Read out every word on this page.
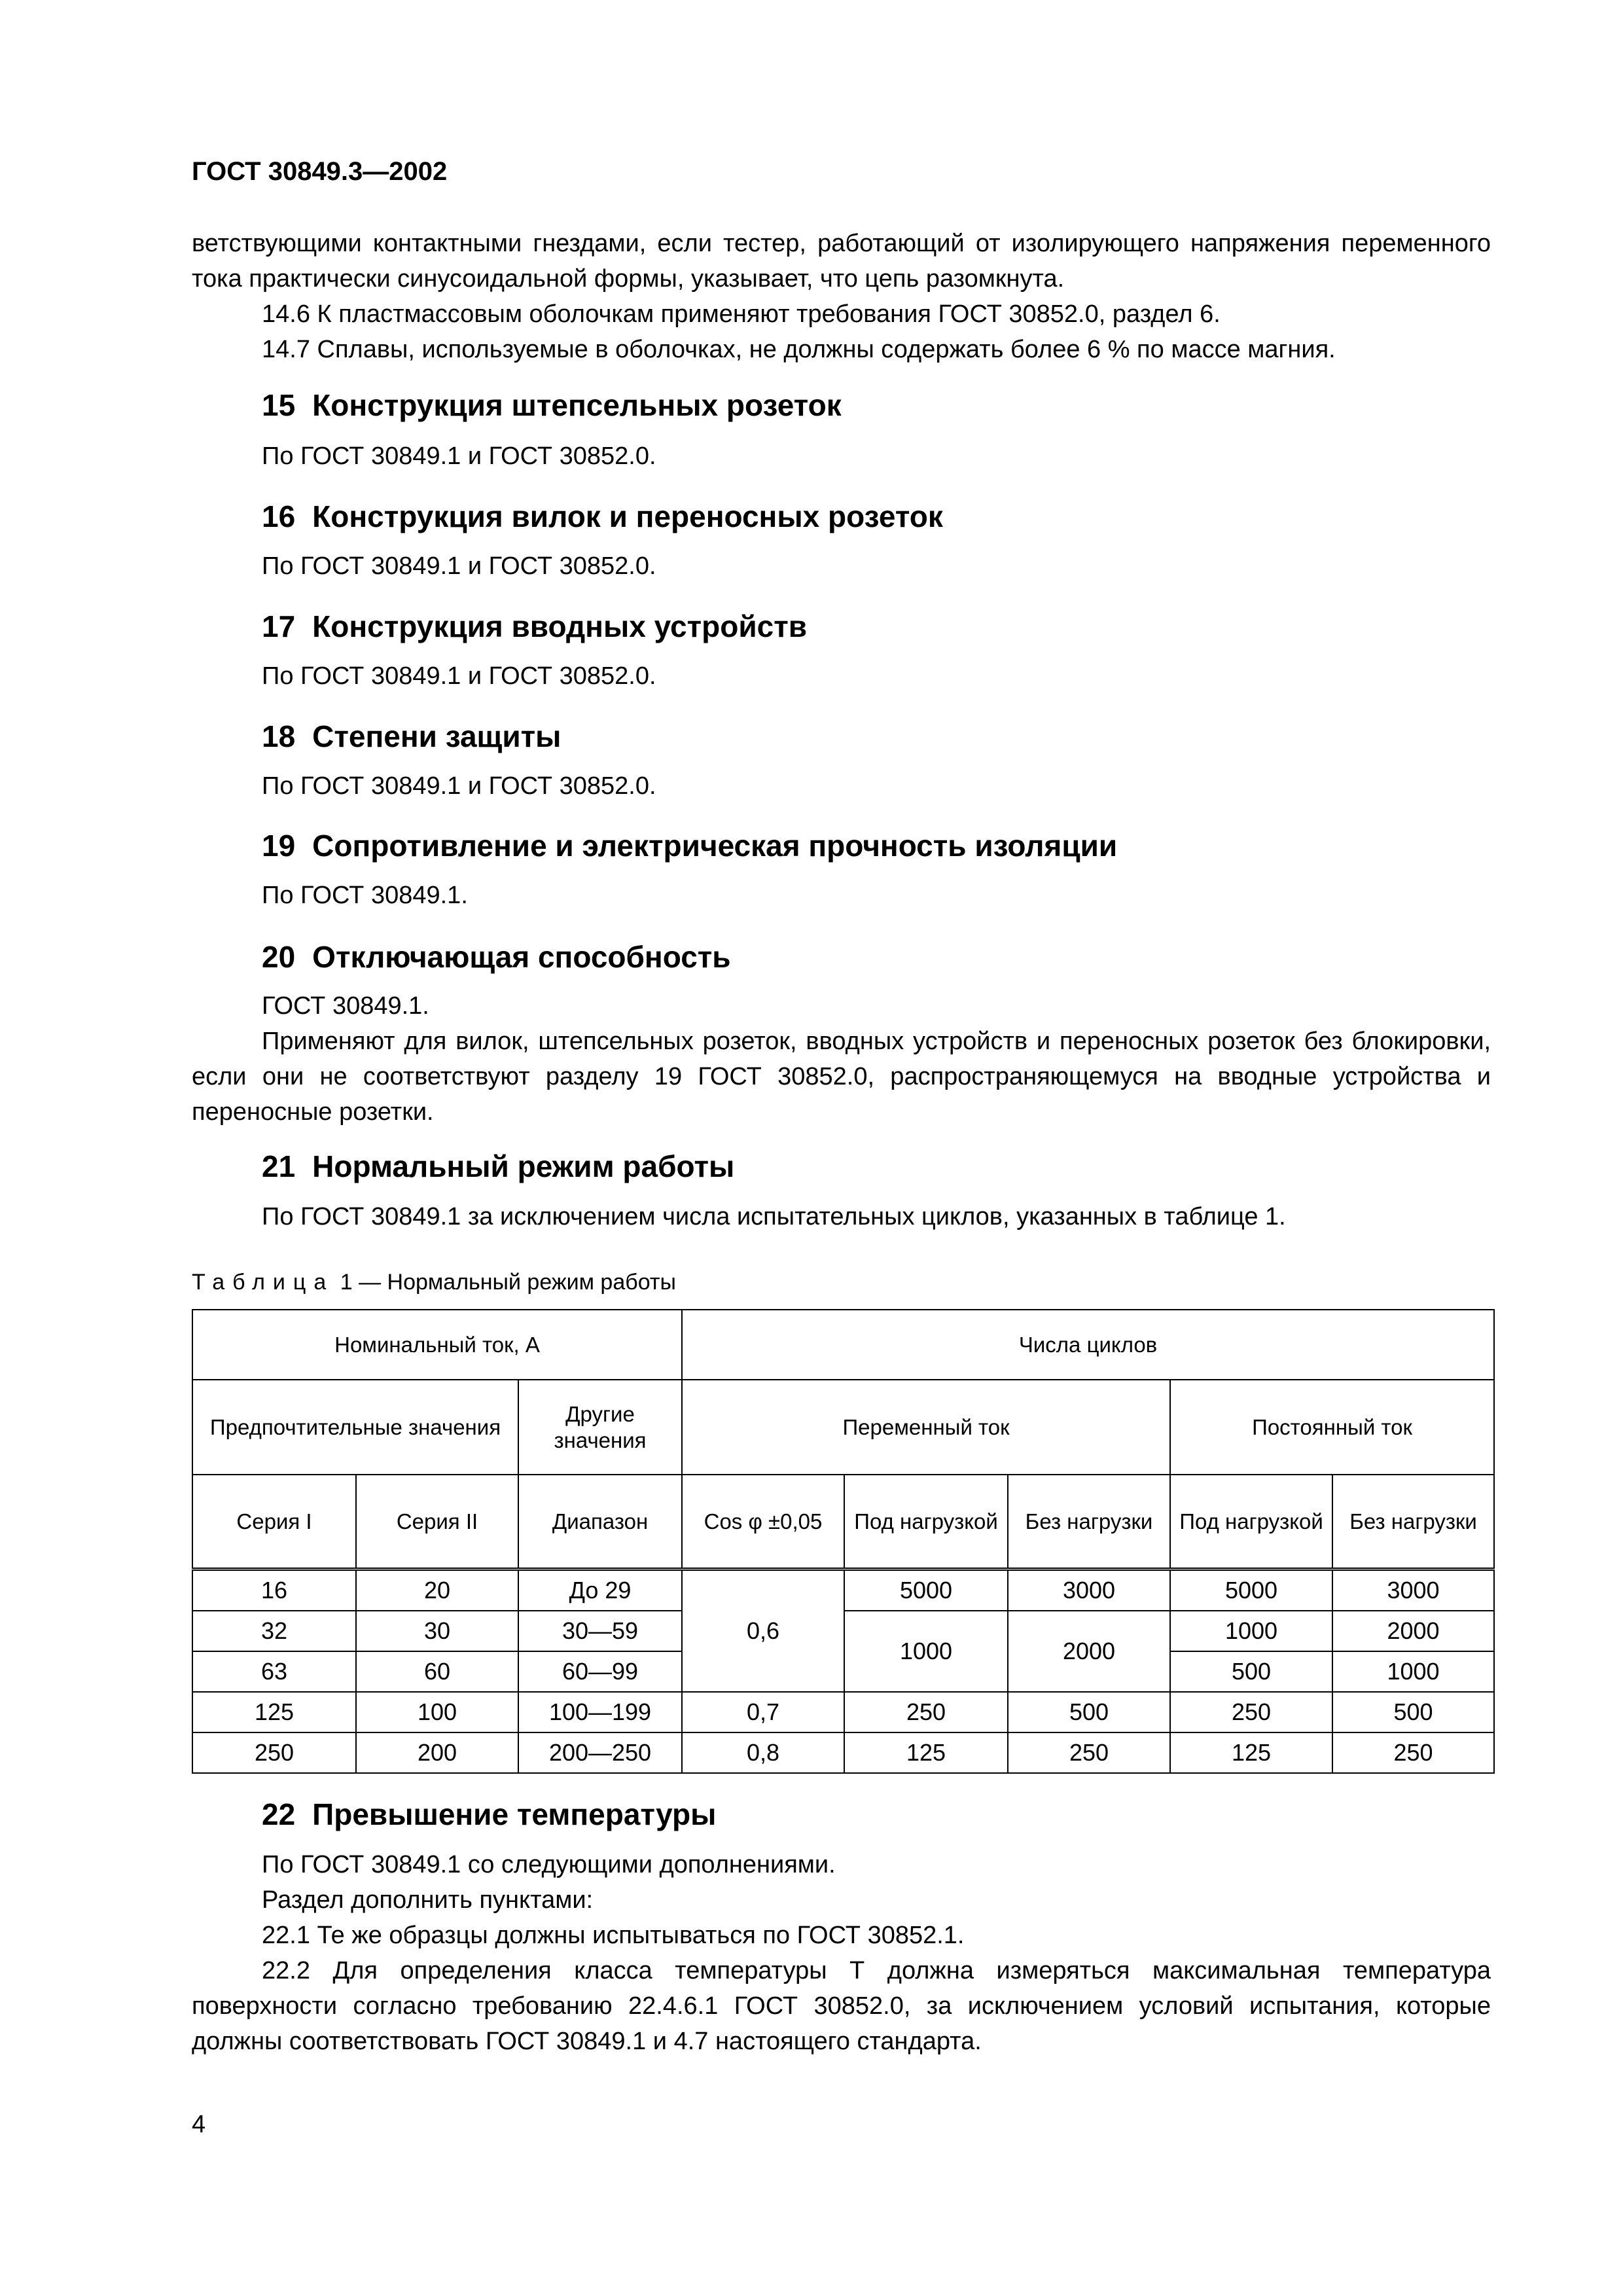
ГОСТ 30849.3—2002

ветствующими контактными гнездами, если тестер, работающий от изолирующего напряжения переменного тока практически синусоидальной формы, указывает, что цепь разомкнута.

14.6 К пластмассовым оболочкам применяют требования ГОСТ 30852.0, раздел 6.

14.7 Сплавы, используемые в оболочках, не должны содержать более 6 % по массе магния.

15 Конструкция штепсельных розеток

По ГОСТ 30849.1 и ГОСТ 30852.0.

16 Конструкция вилок и переносных розеток

По ГОСТ 30849.1 и ГОСТ 30852.0.

17 Конструкция вводных устройств

По ГОСТ 30849.1 и ГОСТ 30852.0.

18 Степени защиты

По ГОСТ 30849.1 и ГОСТ 30852.0.

19 Сопротивление и электрическая прочность изоляции

По ГОСТ 30849.1.

20 Отключающая способность

ГОСТ 30849.1.

Применяют для вилок, штепсельных розеток, вводных устройств и переносных розеток без блокировки, если они не соответствуют разделу 19 ГОСТ 30852.0, распространяющемуся на вводные устройства и переносные розетки.

21 Нормальный режим работы

По ГОСТ 30849.1 за исключением числа испытательных циклов, указанных в таблице 1.

Таблица 1 — Нормальный режим работы
Номинальный ток, А			Числа циклов				
Предпочтительные значения		Другие значения	Переменный ток			Постоянный ток	
Серия I	Серия II	Диапазон	Cos φ ±0,05	Под нагрузкой	Без нагрузки	Под нагрузкой	Без нагрузки
16	20	До 29	0,6	5000	3000	5000	3000
32	30	30—59		1000	2000	1000	2000
63	60	60—99				500	1000
125	100	100—199	0,7	250	500	250	500
250	200	200—250	0,8	125	250	125	250
22 Превышение температуры

По ГОСТ 30849.1 со следующими дополнениями.

Раздел дополнить пунктами:

22.1 Те же образцы должны испытываться по ГОСТ 30852.1.

22.2 Для определения класса температуры Т должна измеряться максимальная температура поверхности согласно требованию 22.4.6.1 ГОСТ 30852.0, за исключением условий испытания, которые должны соответствовать ГОСТ 30849.1 и 4.7 настоящего стандарта.

4
